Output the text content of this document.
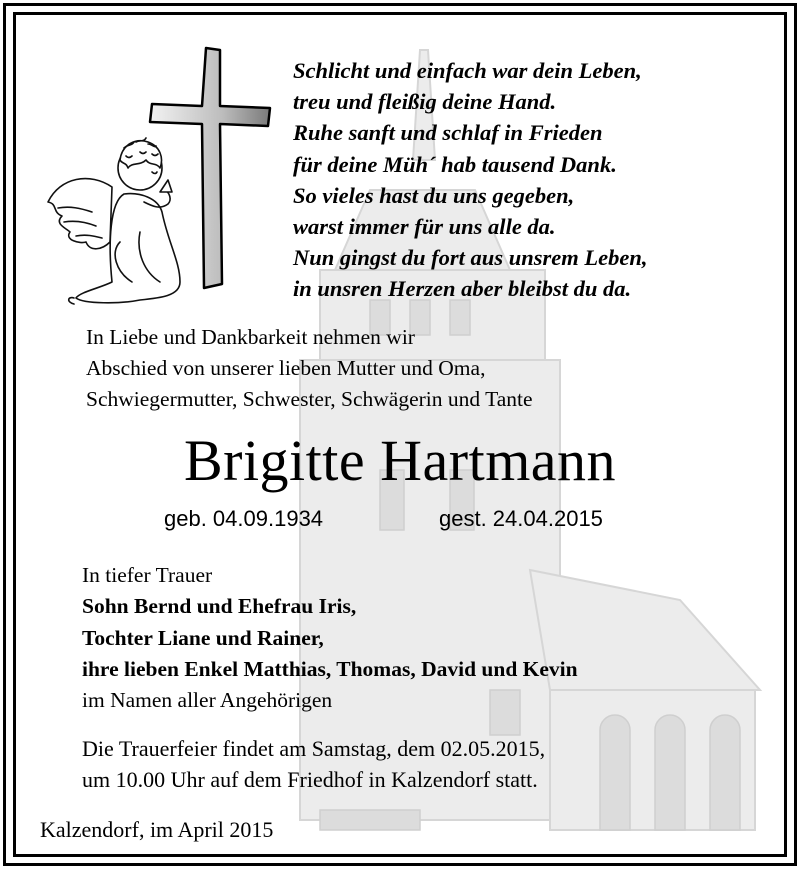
Schlicht und einfach war dein Leben,
treu und fleißig deine Hand.
Ruhe sanft und schlaf in Frieden
für deine Müh´ hab tausend Dank.
So vieles hast du uns gegeben,
warst immer für uns alle da.
Nun gingst du fort aus unsrem Leben,
in unsren Herzen aber bleibst du da.
In Liebe und Dankbarkeit nehmen wir
Abschied von unserer lieben Mutter und Oma,
Schwiegermutter, Schwester, Schwägerin und Tante
Brigitte Hartmann
geb. 04.09.1934	gest. 24.04.2015
In tiefer Trauer
Sohn Bernd und Ehefrau Iris,
Tochter Liane und Rainer,
ihre lieben Enkel Matthias, Thomas, David und Kevin
im Namen aller Angehörigen
Die Trauerfeier findet am Samstag, dem 02.05.2015,
um 10.00 Uhr auf dem Friedhof in Kalzendorf statt.
Kalzendorf, im April 2015
